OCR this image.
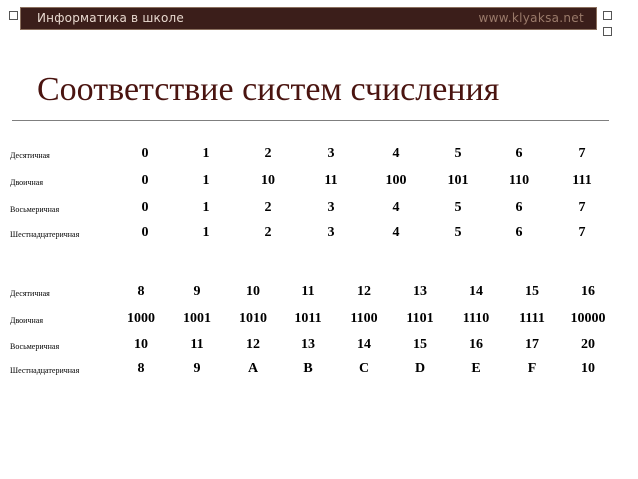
Информатика в школе	www.klyaksa.net
Соответствие систем счисления
Десятичная	0	1	2	3	4	5	6	7
Двоичная	0	1	10	11	100	101	110	111
Восьмеричная	0	1	2	3	4	5	6	7
Шестнадцатеричная	0	1	2	3	4	5	6	7
Десятичная	8	9	10	11	12	13	14	15	16
Двоичная	1000	1001	1010	1011	1100	1101	1110	1111	10000
Восьмеричная	10	11	12	13	14	15	16	17	20
Шестнадцатеричная	8	9	A	B	C	D	E	F	10
